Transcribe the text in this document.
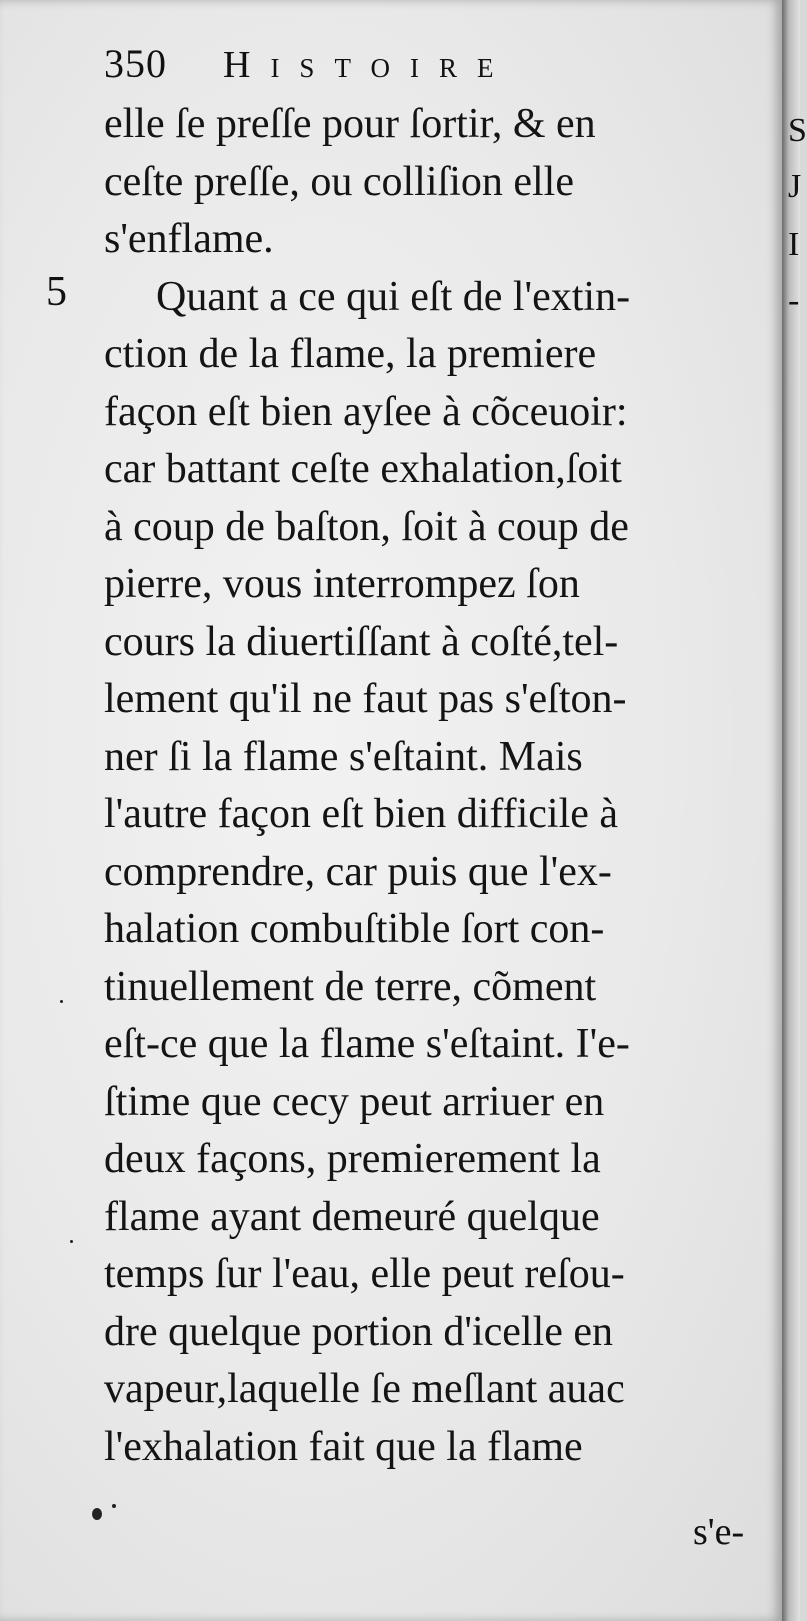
350 Histoire
5
elle ſe preſſe pour ſortir, & en
ceſte preſſe, ou colliſion elle
s'enflame.
Quant a ce qui eſt de l'extin-
ction de la flame, la premiere
façon eſt bien ayſee à cõceuoir:
car battant ceſte exhalation,ſoit
à coup de baſton, ſoit à coup de
pierre, vous interrompez ſon
cours la diuertiſſant à coſté,tel-
lement qu'il ne faut pas s'eſton-
ner ſi la flame s'eſtaint. Mais
l'autre façon eſt bien difficile à
comprendre, car puis que l'ex-
halation combuſtible ſort con-
tinuellement de terre, cõment
eſt-ce que la flame s'eſtaint. I'e-
ſtime que cecy peut arriuer en
deux façons, premierement la
flame ayant demeuré quelque
temps ſur l'eau, elle peut reſou-
dre quelque portion d'icelle en
vapeur,laquelle ſe meſlant auac
l'exhalation fait que la flame
s'e-
S
J
I
-
